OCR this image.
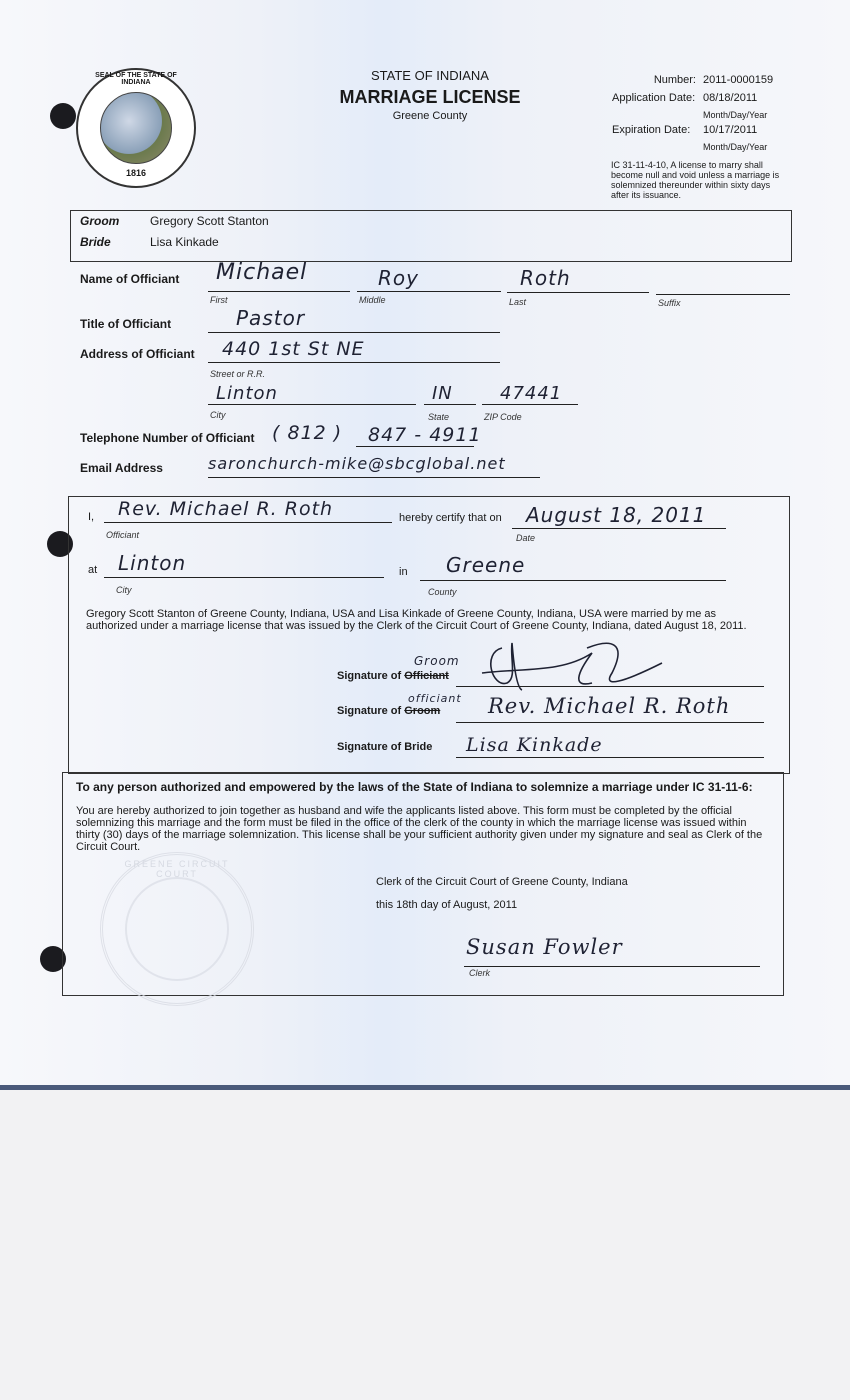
SEAL OF THE STATE OF INDIANA
1816
STATE OF INDIANA
MARRIAGE LICENSE
Greene County
Number: 2011-0000159
Application Date: 08/18/2011
Month/Day/Year
Expiration Date: 10/17/2011
Month/Day/Year
IC 31-11-4-10, A license to marry shall become null and void unless a marriage is solemnized thereunder within sixty days after its issuance.
Groom	Gregory Scott Stanton
Bride	Lisa Kinkade
Name of Officiant Michael
First
Roy
Middle
Roth
Last	Suffix
Title of Officiant	Pastor
Address of Officiant 440 1st St NE
Street or R.R.
Linton
City
IN
State
47441
ZIP Code
Telephone Number of Officiant ( 812 ) 847 - 4911
Email Address	saronchurch-mike@sbcglobal.net
I, Rev. Michael R. Roth
Officiant
hereby certify that on August 18, 2011
Date
at Linton
City
in Greene
County
Gregory Scott Stanton of Greene County, Indiana, USA and Lisa Kinkade of Greene County, Indiana, USA were married by me as authorized under a marriage license that was issued by the Clerk of the Circuit Court of Greene County, Indiana, dated August 18, 2011.
Signature of Officiant
Groom
Signature of Groom
officiant Rev. Michael R. Roth
Signature of Bride Lisa Kinkade
To any person authorized and empowered by the laws of the State of Indiana to solemnize a marriage under IC 31-11-6:
You are hereby authorized to join together as husband and wife the applicants listed above. This form must be completed by the official solemnizing this marriage and the form must be filed in the office of the clerk of the county in which the marriage license was issued within thirty (30) days of the marriage solemnization. This license shall be your sufficient authority given under my signature and seal as Clerk of the Circuit Court.
GREENE CIRCUIT COURT
Clerk of the Circuit Court of Greene County, Indiana
this 18th day of August, 2011
Susan Fowler
Clerk
